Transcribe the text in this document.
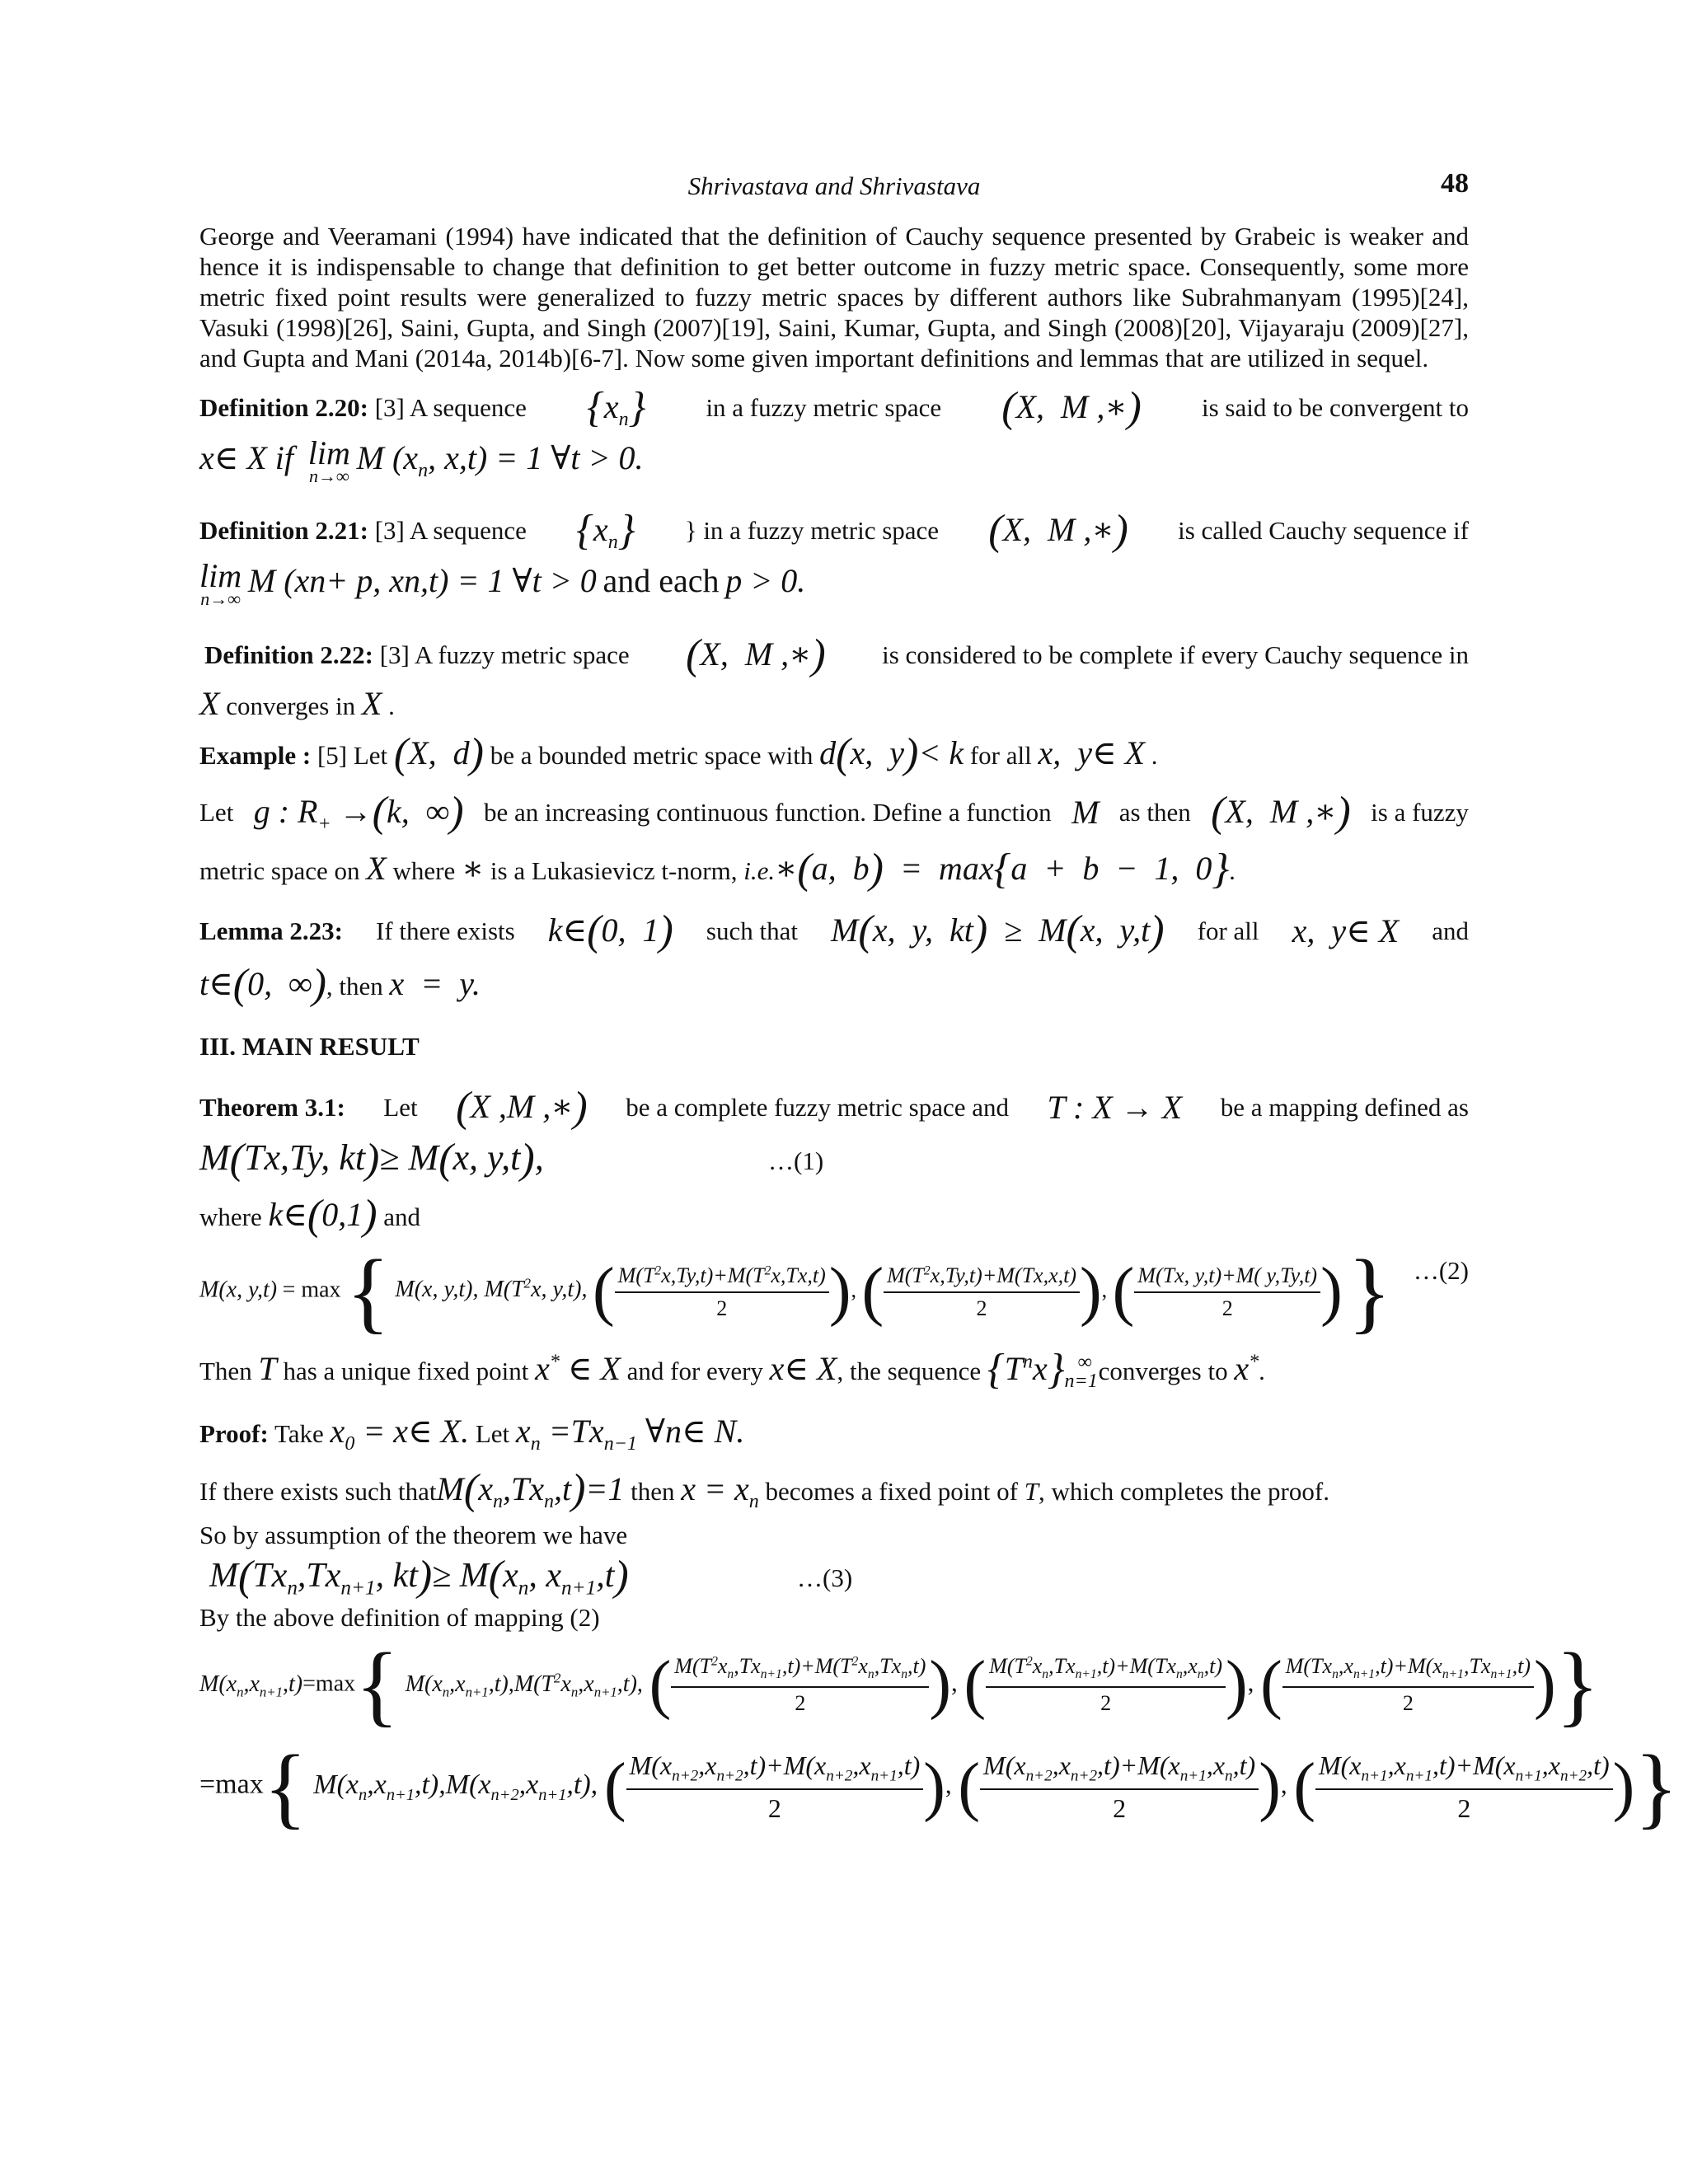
Shrivastava and Shrivastava	48

George and Veeramani (1994) have indicated that the definition of Cauchy sequence presented by Grabeic is weaker and hence it is indispensable to change that definition to get better outcome in fuzzy metric space. Consequently, some more metric fixed point results were generalized to fuzzy metric spaces by different authors like Subrahmanyam (1995)[24], Vasuki (1998)[26], Saini, Gupta, and Singh (2007)[19], Saini, Kumar, Gupta, and Singh (2008)[20], Vijayaraju (2009)[27], and Gupta and Mani (2014a, 2014b)[6-7]. Now some given important definitions and lemmas that are utilized in sequel.

Definition 2.20: [3] A sequence $\{x_n\}$ in a fuzzy metric space (X,  M ,∗) is said to be convergent to
x∈ X if lim
n→∞ M ($x_n$, x,t) = 1 ∀t > 0.
Definition 2.21: [3] A sequence $\{x_n\}$ } in a fuzzy metric space (X,  M ,∗) is called Cauchy sequence if
lim
n→∞ M (xn+ p, xn,t) = 1 ∀t > 0 and each p > 0.
Definition 2.22: [3] A fuzzy metric space (X,  M ,∗) is considered to be complete if every Cauchy sequence in
X converges in X .
Example : [5] Let (X,  d) be a bounded metric space with d(x,  y)< k for all x,  y∈ X .
Let g : $R_+ \to(k$,  ∞) be an increasing continuous function. Define a function M as then (X,  M ,∗) is a fuzzy
metric space on X where ∗ is a Lukasievicz t-norm, i.e.∗(a,  b)  =  max{a  +  b  −  1,  0}.
Lemma 2.23: If there exists k∈(0,  1) such that M(x,  y,  kt)  ≥  M(x,  y,t) for all x,  y∈ X and
t∈(0,  ∞), then x  =  y.
III. MAIN RESULT
Theorem 3.1: Let (X ,M ,∗) be a complete fuzzy metric space and T : X → X be a mapping defined as
M(Tx,Ty, kt)≥ M(x, y,t),	…(1)
where k∈(0,1) and
M(x, y,t) = max { M(x, y,t), $M(T^2x$, y,t), ( $\frac{M(T^2x,Ty,t)+M(T^2x,Tx,t)}{2}$ ), ( $\frac{M(T^2x,Ty,t)+M(Tx,x,t)}{2}$ ), ( $\frac{M(Tx, y,t)+M( y,Ty,t)}{2}$ ) } …(2)
Then T has a unique fixed point x* ∈ X and for every x∈ X, the sequence $\{T^nx\}_{n=1}^\infty$ converges to x*.
Proof: Take $x_0$ = x∈ X. Let $x_n =Tx_{n-1}$ ∀n∈ N.
If there exists such $thatM(x_n,Tx_n,t)=1$ then $x = x_n$ becomes a fixed point of T, which completes the proof.
So by assumption of the theorem we have
$M(Tx_n,Tx_{n+1}$, $kt)\ge M(x_n$, $x_{n+1},t$)	…(3)
By the above definition of mapping (2)
$M(x_n,x_{n+1},t)=\max${ $M(x_n,x_{n+1},t),M(T^2x_n,x_{n+1},t)$, ( $\frac{M(T^2x_n,Tx_{n+1},t)+M(T^2x_n,Tx_n,t)}{2}$ ), ( $\frac{M(T^2x_n,Tx_{n+1},t)+M(Tx_n,x_n,t)}{2}$ ), ( $\frac{M(Tx_n,x_{n+1},t)+M(x_{n+1},Tx_{n+1},t)}{2}$ )}
=max{ $M(x_n,x_{n+1},t),M(x_{n+2},x_{n+1},t)$, ( $\frac{M(x_{n+2},x_{n+2},t)+M(x_{n+2},x_{n+1},t)}{2}$ ), ( $\frac{M(x_{n+2},x_{n+2},t)+M(x_{n+1},x_n,t)}{2}$ ), ( $\frac{M(x_{n+1},x_{n+1},t)+M(x_{n+1},x_{n+2},t)}{2}$ )}
